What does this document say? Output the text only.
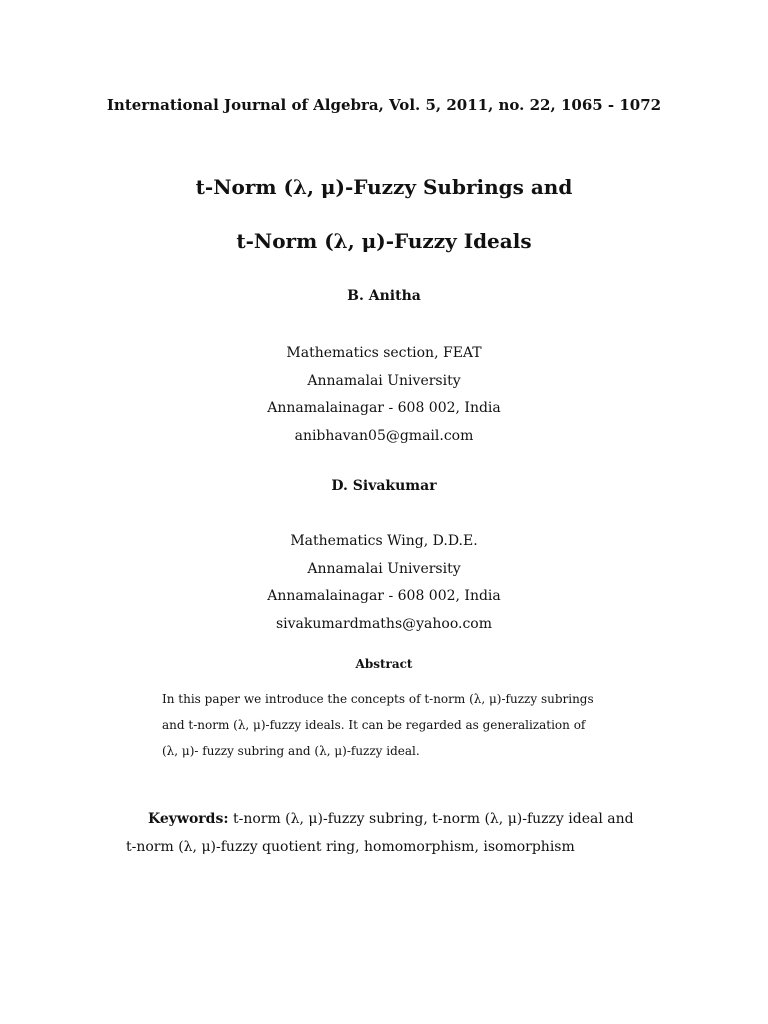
International Journal of Algebra, Vol. 5, 2011, no. 22, 1065 - 1072
t-Norm (λ, μ)-Fuzzy Subrings and
t-Norm (λ, μ)-Fuzzy Ideals
B. Anitha
Mathematics section, FEAT
Annamalai University
Annamalainagar - 608 002, India
anibhavan05@gmail.com
D. Sivakumar
Mathematics Wing, D.D.E.
Annamalai University
Annamalainagar - 608 002, India
sivakumardmaths@yahoo.com
Abstract

In this paper we introduce the concepts of t-norm (λ, μ)-fuzzy subrings

and t-norm (λ, μ)-fuzzy ideals. It can be regarded as generalization of

(λ, μ)- fuzzy subring and (λ, μ)-fuzzy ideal.

Keywords: t-norm (λ, μ)-fuzzy subring, t-norm (λ, μ)-fuzzy ideal and

t-norm (λ, μ)-fuzzy quotient ring, homomorphism, isomorphism
